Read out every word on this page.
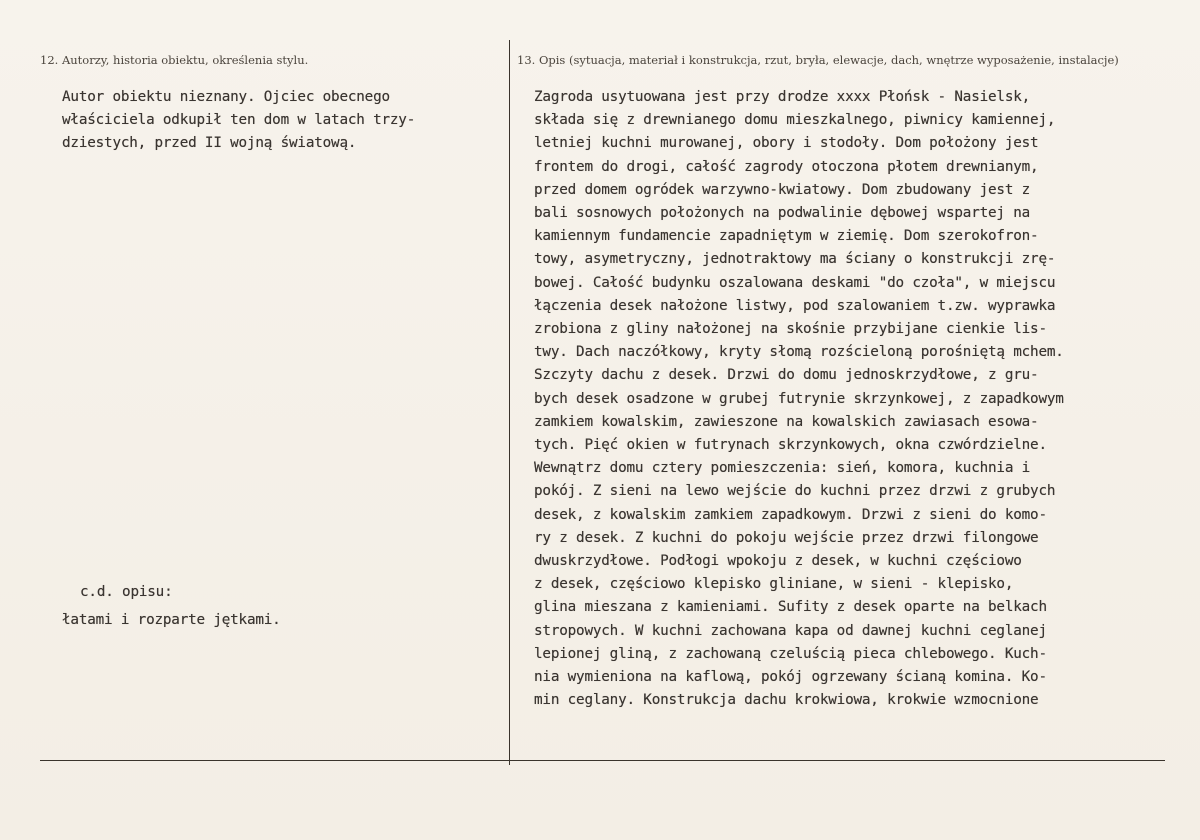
12. Autorzy, historia obiektu, określenia stylu.	13. Opis (sytuacja, materiał i konstrukcja, rzut, bryła, elewacje, dach, wnętrze wyposażenie, instalacje)
Autor obiektu nieznany. Ojciec obecnego
właściciela odkupił ten dom w latach trzy-
dziestych, przed II wojną światową.
c.d. opisu:
łatami i rozparte jętkami.
Zagroda usytuowana jest przy drodze xxxx Płońsk - Nasielsk,
składa się z drewnianego domu mieszkalnego, piwnicy kamiennej,
letniej kuchni murowanej, obory i stodoły. Dom położony jest
frontem do drogi, całość zagrody otoczona płotem drewnianym,
przed domem ogródek warzywno-kwiatowy. Dom zbudowany jest z
bali sosnowych położonych na podwalinie dębowej wspartej na
kamiennym fundamencie zapadniętym w ziemię. Dom szerokofron-
towy, asymetryczny, jednotraktowy ma ściany o konstrukcji zrę-
bowej. Całość budynku oszalowana deskami "do czoła", w miejscu
łączenia desek nałożone listwy, pod szalowaniem t.zw. wyprawka
zrobiona z gliny nałożonej na skośnie przybijane cienkie lis-
twy. Dach naczółkowy, kryty słomą rozścieloną porośniętą mchem.
Szczyty dachu z desek. Drzwi do domu jednoskrzydłowe, z gru-
bych desek osadzone w grubej futrynie skrzynkowej, z zapadkowym
zamkiem kowalskim, zawieszone na kowalskich zawiasach esowa-
tych. Pięć okien w futrynach skrzynkowych, okna czwórdzielne.
Wewnątrz domu cztery pomieszczenia: sień, komora, kuchnia i
pokój. Z sieni na lewo wejście do kuchni przez drzwi z grubych
desek, z kowalskim zamkiem zapadkowym. Drzwi z sieni do komo-
ry z desek. Z kuchni do pokoju wejście przez drzwi filongowe
dwuskrzydłowe. Podłogi wpokoju z desek, w kuchni częściowo
z desek, częściowo klepisko gliniane, w sieni - klepisko,
glina mieszana z kamieniami. Sufity z desek oparte na belkach
stropowych. W kuchni zachowana kapa od dawnej kuchni ceglanej
lepionej gliną, z zachowaną czeluścią pieca chlebowego. Kuch-
nia wymieniona na kaflową, pokój ogrzewany ścianą komina. Ko-
min ceglany. Konstrukcja dachu krokwiowa, krokwie wzmocnione
